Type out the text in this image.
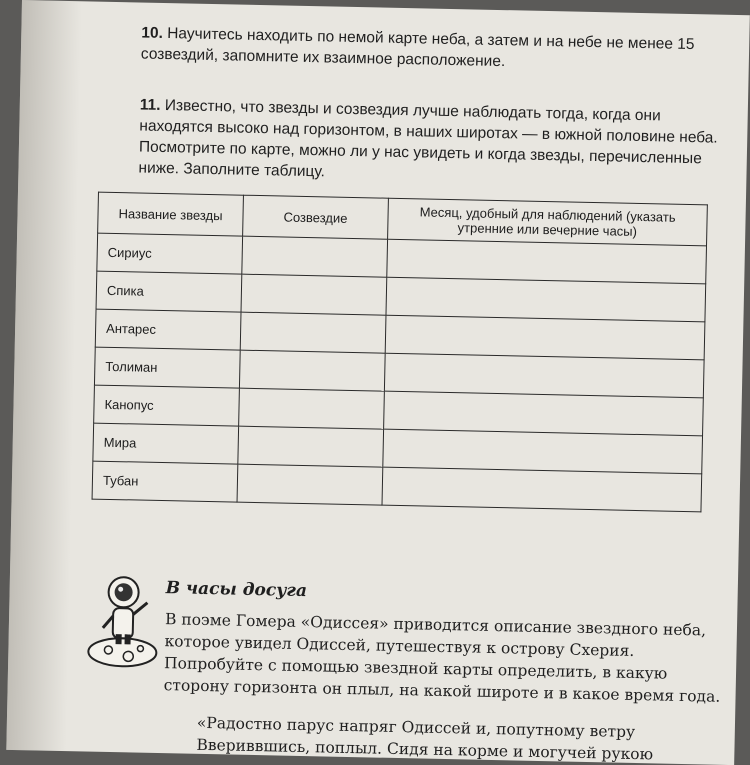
10. Научитесь находить по немой карте неба, а затем и на небе не менее 15 созвездий, запомните их взаимное расположение.
11. Известно, что звезды и созвездия лучше наблюдать тогда, когда они находятся высоко над горизонтом, в наших широтах — в южной половине неба. Посмотрите по карте, можно ли у нас увидеть и когда звезды, перечисленные ниже. Заполните таблицу.
Название звезды	Созвездие	Месяц, удобный для наблюдений (указать утренние или вечерние часы)
Сириус		
Спика		
Антарес		
Толиман		
Канопус		
Мира		
Тубан		
В часы досуга
В поэме Гомера «Одиссея» приводится описание звездного неба, которое увидел Одиссей, путешествуя к острову Схерия. Попробуйте с помощью звездной карты определить, в какую сторону горизонта он плыл, на какой широте и в какое время года.
«Радостно парус напряг Одиссей и, попутному ветру Ввериввшись, поплыл. Сидя на корме и могучей рукою
